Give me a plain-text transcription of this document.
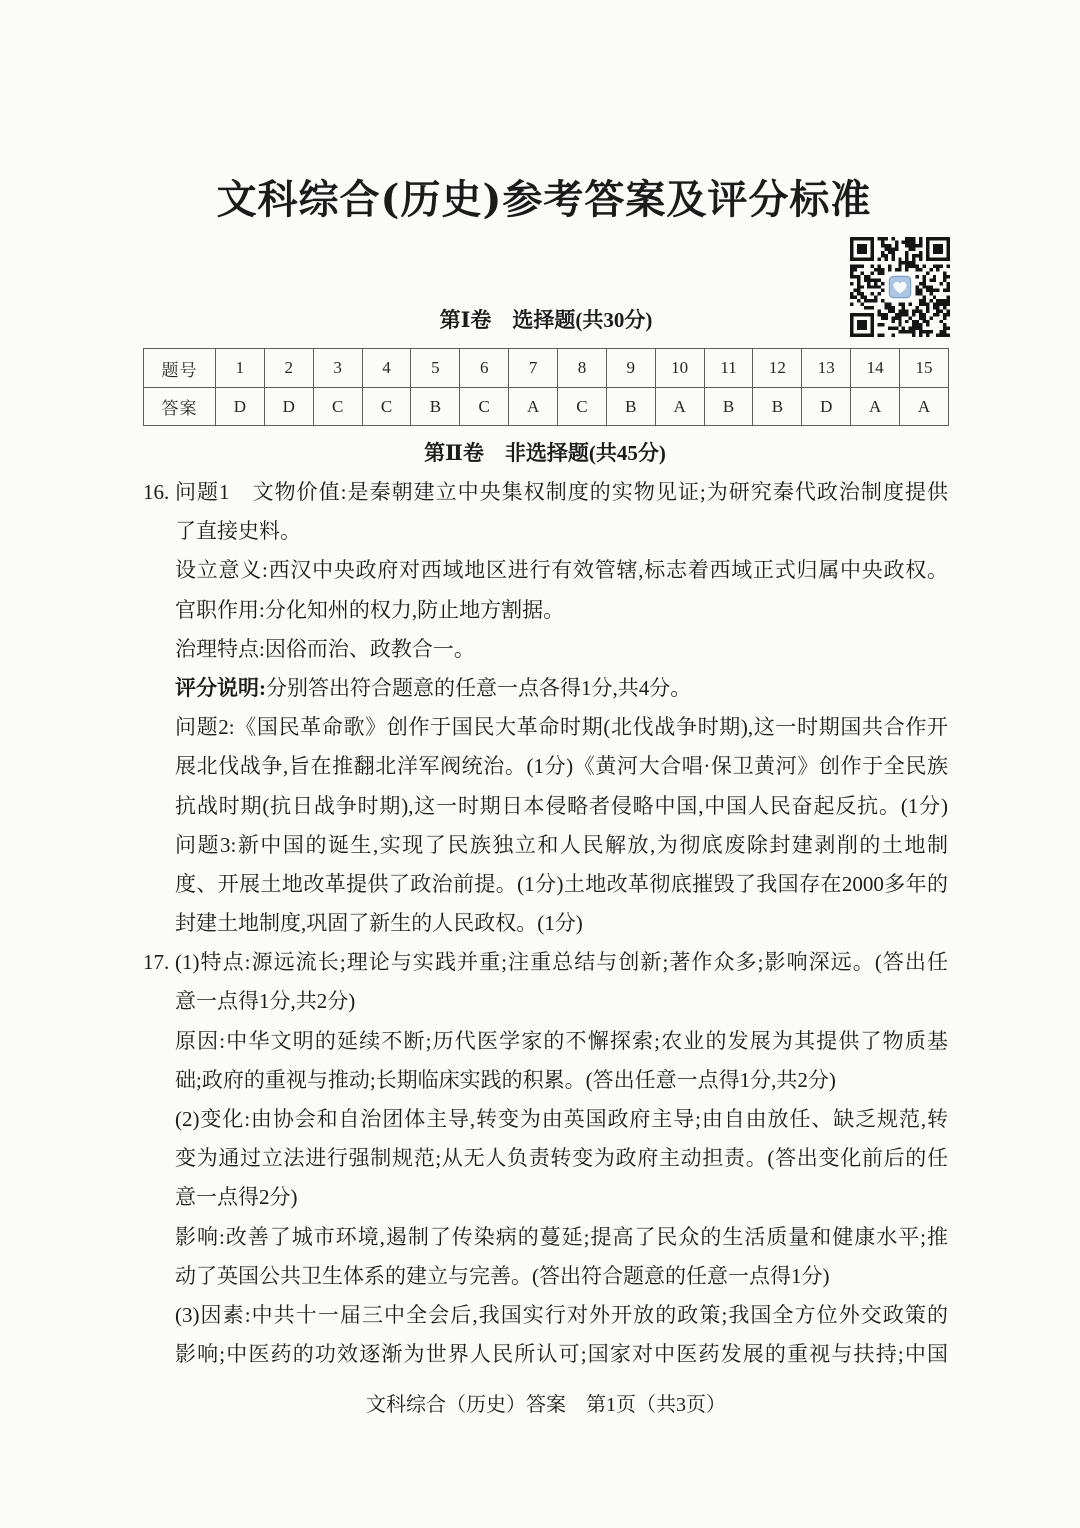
文科综合(历史)参考答案及评分标准
第Ⅰ卷　选择题(共30分)
题号	1	2	3	4	5	6	7	8	9	10	11	12	13	14	15
答案	D	D	C	C	B	C	A	C	B	A	B	B	D	A	A
第Ⅱ卷　非选择题(共45分)
16. 问题1　文物价值:是秦朝建立中央集权制度的实物见证;为研究秦代政治制度提供
了直接史料。
设立意义:西汉中央政府对西域地区进行有效管辖,标志着西域正式归属中央政权。
官职作用:分化知州的权力,防止地方割据。
治理特点:因俗而治、政教合一。
评分说明:分别答出符合题意的任意一点各得1分,共4分。
问题2:《国民革命歌》创作于国民大革命时期(北伐战争时期),这一时期国共合作开
展北伐战争,旨在推翻北洋军阀统治。(1分)《黄河大合唱·保卫黄河》创作于全民族
抗战时期(抗日战争时期),这一时期日本侵略者侵略中国,中国人民奋起反抗。(1分)
问题3:新中国的诞生,实现了民族独立和人民解放,为彻底废除封建剥削的土地制
度、开展土地改革提供了政治前提。(1分)土地改革彻底摧毁了我国存在2000多年的
封建土地制度,巩固了新生的人民政权。(1分)
17. (1)特点:源远流长;理论与实践并重;注重总结与创新;著作众多;影响深远。(答出任
意一点得1分,共2分)
原因:中华文明的延续不断;历代医学家的不懈探索;农业的发展为其提供了物质基
础;政府的重视与推动;长期临床实践的积累。(答出任意一点得1分,共2分)
(2)变化:由协会和自治团体主导,转变为由英国政府主导;由自由放任、缺乏规范,转
变为通过立法进行强制规范;从无人负责转变为政府主动担责。(答出变化前后的任
意一点得2分)
影响:改善了城市环境,遏制了传染病的蔓延;提高了民众的生活质量和健康水平;推
动了英国公共卫生体系的建立与完善。(答出符合题意的任意一点得1分)
(3)因素:中共十一届三中全会后,我国实行对外开放的政策;我国全方位外交政策的
影响;中医药的功效逐渐为世界人民所认可;国家对中医药发展的重视与扶持;中国
文科综合（历史）答案　第1页（共3页）
